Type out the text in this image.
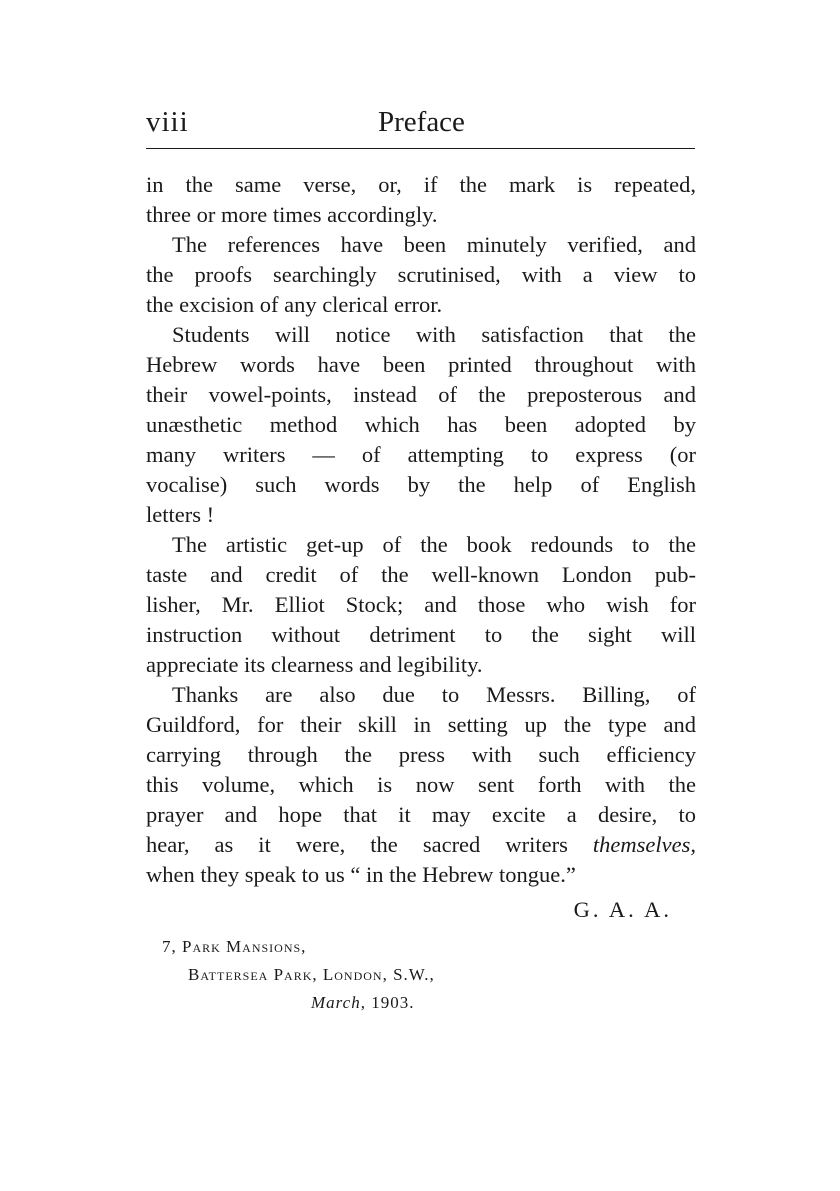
viii	Preface
in the same verse, or, if the mark is repeated,
three or more times accordingly.
The references have been minutely verified, and
the proofs searchingly scrutinised, with a view to
the excision of any clerical error.
Students will notice with satisfaction that the
Hebrew words have been printed throughout with
their vowel-points, instead of the preposterous and
unæsthetic method which has been adopted by
many writers — of attempting to express (or
vocalise) such words by the help of English
letters !
The artistic get-up of the book redounds to the
taste and credit of the well-known London pub-
lisher, Mr. Elliot Stock; and those who wish for
instruction without detriment to the sight will
appreciate its clearness and legibility.
Thanks are also due to Messrs. Billing, of
Guildford, for their skill in setting up the type and
carrying through the press with such efficiency
this volume, which is now sent forth with the
prayer and hope that it may excite a desire, to
hear, as it were, the sacred writers themselves,
when they speak to us “ in the Hebrew tongue.”
G. A. A.
7, Park Mansions,
Battersea Park, London, S.W.,
March, 1903.
